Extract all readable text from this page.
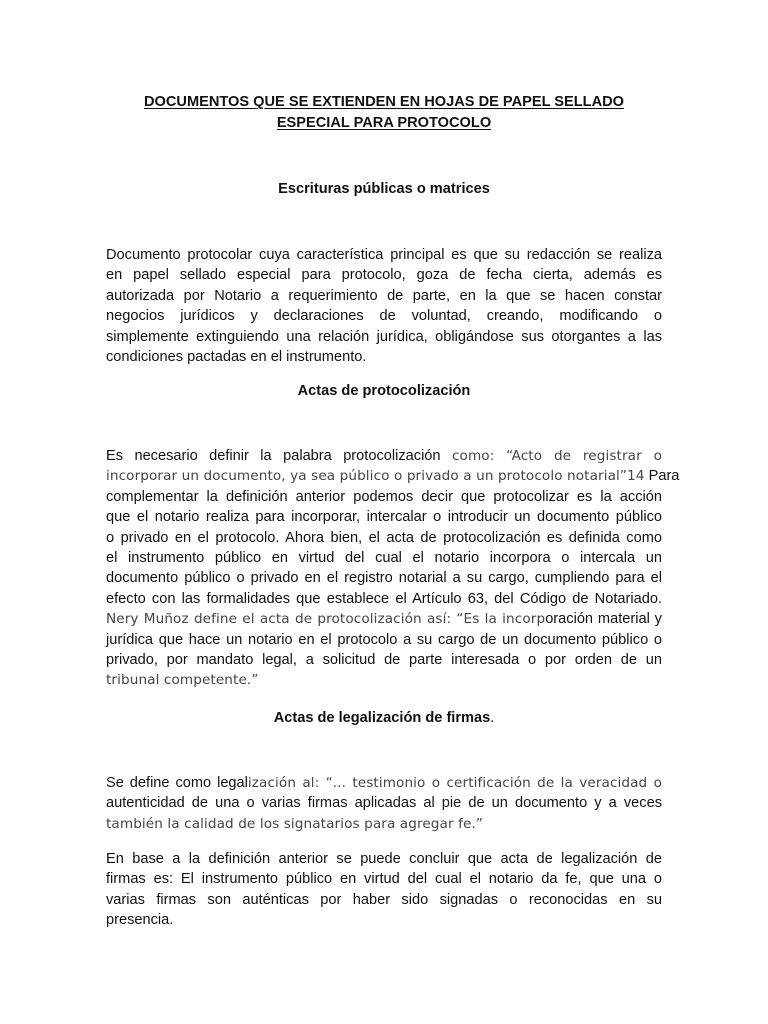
DOCUMENTOS QUE SE EXTIENDEN EN HOJAS DE PAPEL SELLADO
ESPECIAL PARA PROTOCOLO
Escrituras públicas o matrices
Documento protocolar cuya característica principal es que su redacción se realiza
en papel sellado especial para protocolo, goza de fecha cierta, además es
autorizada por Notario a requerimiento de parte, en la que se hacen constar
negocios jurídicos y declaraciones de voluntad, creando, modificando o
simplemente extinguiendo una relación jurídica, obligándose sus otorgantes a las
condiciones pactadas en el instrumento.
Actas de protocolización
Es necesario definir la palabra protocolización como: “Acto de registrar o
incorporar un documento, ya sea público o privado a un protocolo notarial”14 Para
complementar la definición anterior podemos decir que protocolizar es la acción
que el notario realiza para incorporar, intercalar o introducir un documento público
o privado en el protocolo. Ahora bien, el acta de protocolización es definida como
el instrumento público en virtud del cual el notario incorpora o intercala un
documento público o privado en el registro notarial a su cargo, cumpliendo para el
efecto con las formalidades que establece el Artículo 63, del Código de Notariado.
Nery Muñoz define el acta de protocolización así: “Es la incorporación material y
jurídica que hace un notario en el protocolo a su cargo de un documento público o
privado, por mandato legal, a solicitud de parte interesada o por orden de un
tribunal competente.”
Actas de legalización de firmas.
Se define como legalización al: “... testimonio o certificación de la veracidad o
autenticidad de una o varias firmas aplicadas al pie de un documento y a veces
también la calidad de los signatarios para agregar fe.”
En base a la definición anterior se puede concluir que acta de legalización de
firmas es: El instrumento público en virtud del cual el notario da fe, que una o
varias firmas son auténticas por haber sido signadas o reconocidas en su
presencia.
